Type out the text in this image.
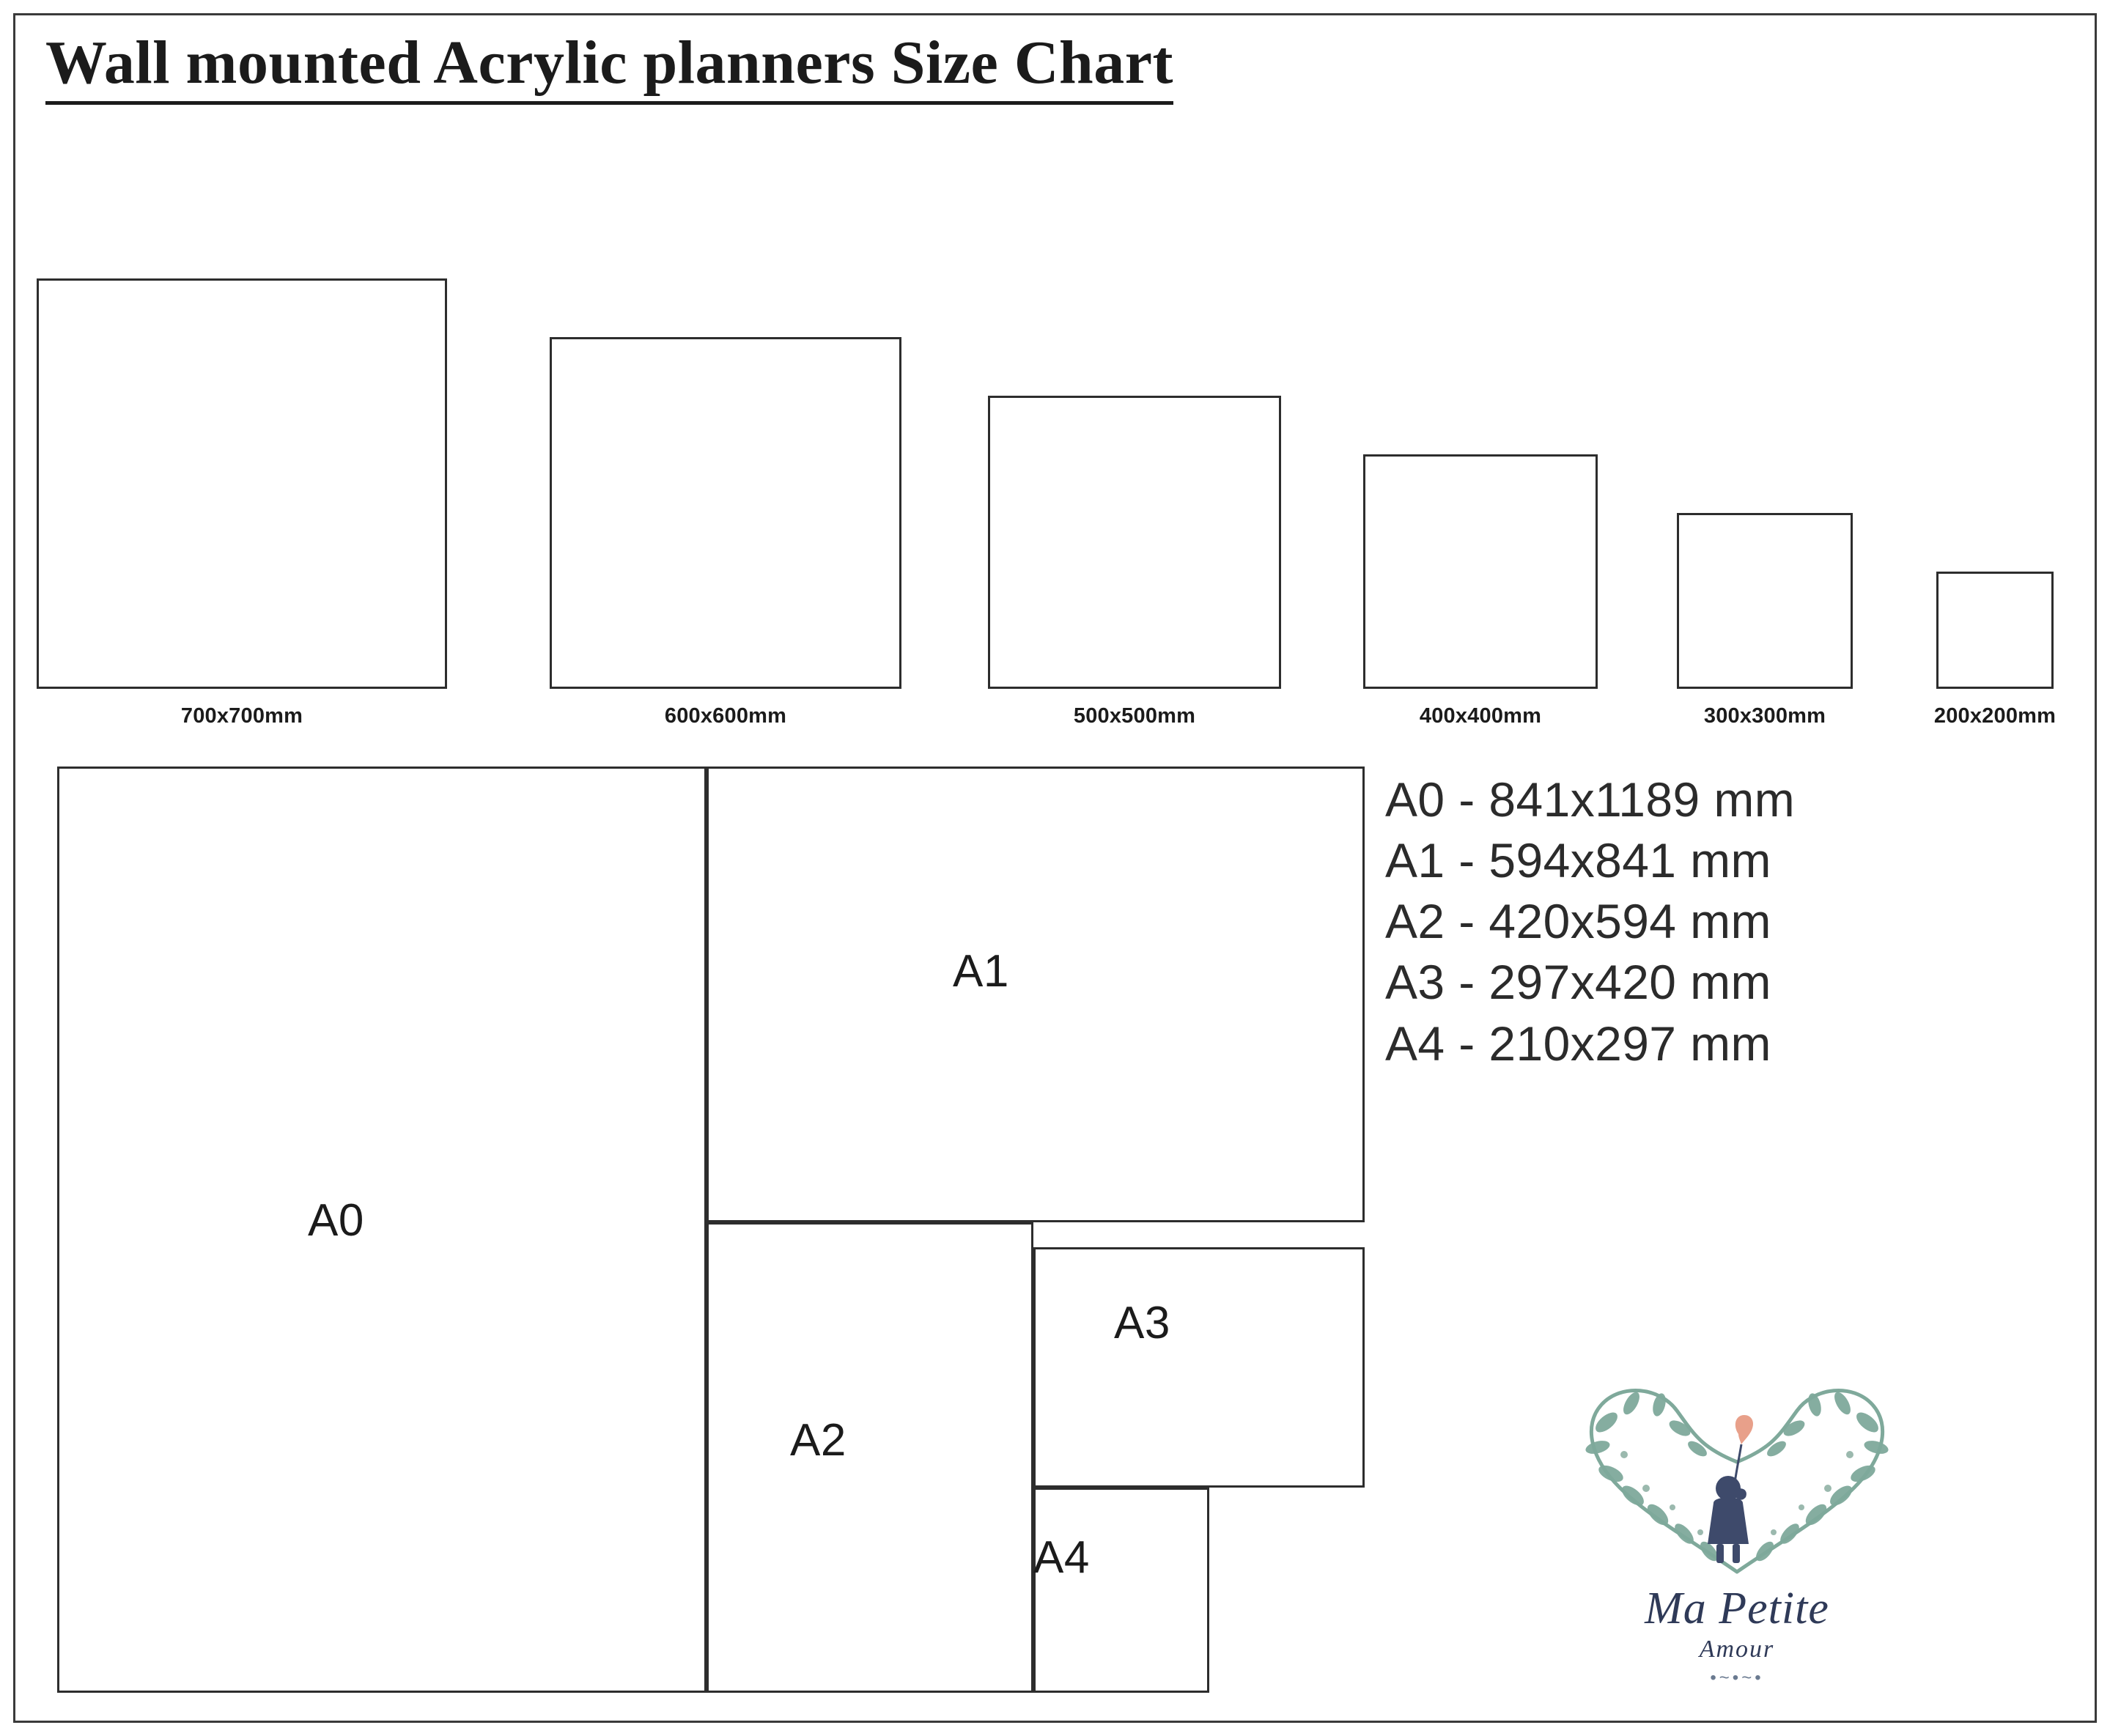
Wall mounted Acrylic planners Size Chart
700x700mm	600x600mm	500x500mm	400x400mm	300x300mm	200x200mm
A0
A1
A2
A3
A4
A0 - 841x1189 mm
A1 - 594x841 mm
A2 - 420x594 mm
A3 - 297x420 mm
A4 - 210x297 mm
Ma Petite
Amour
•~•~•
